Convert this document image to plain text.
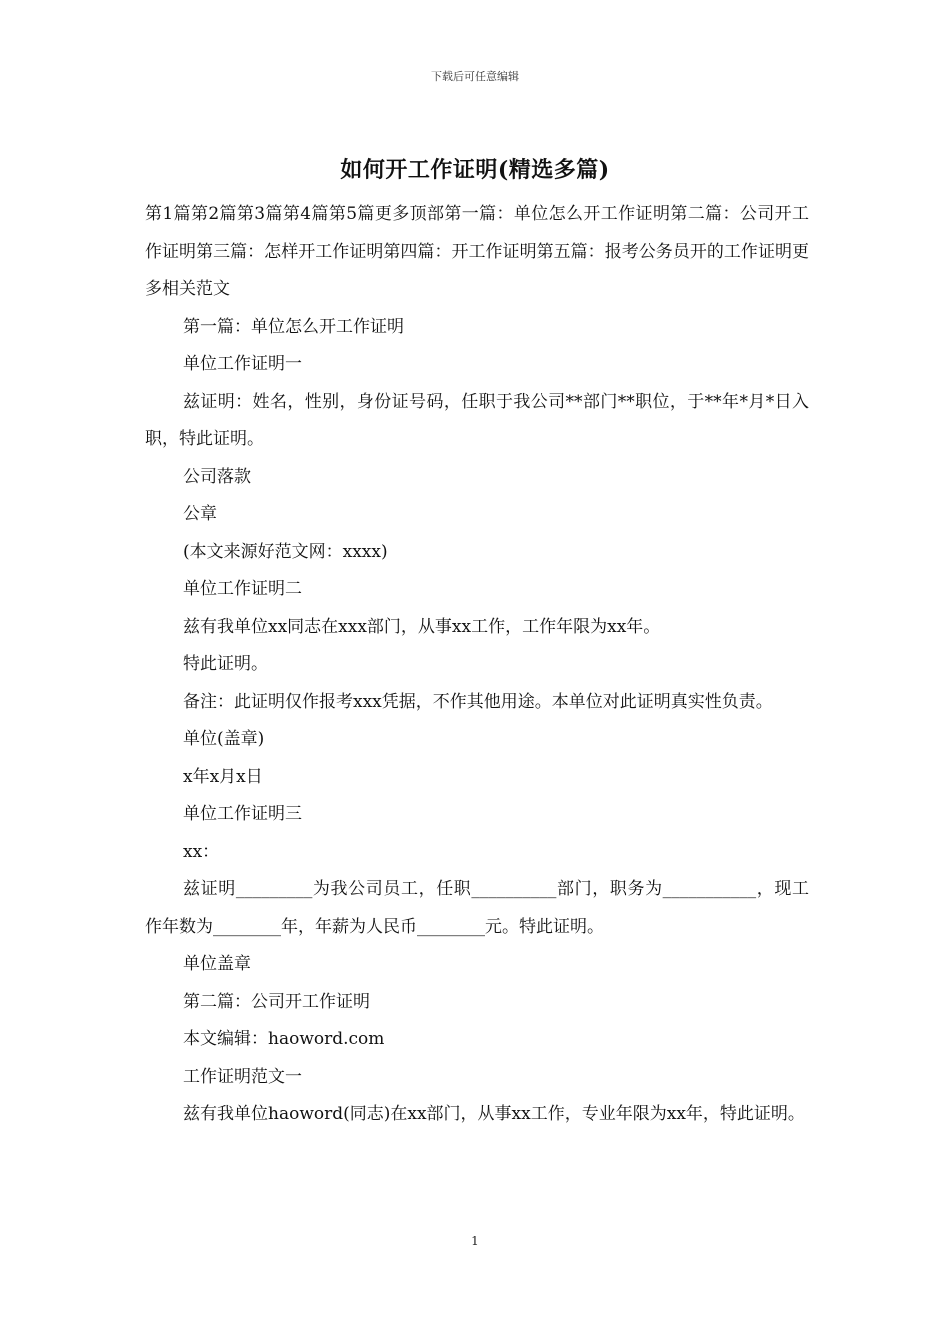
下载后可任意编辑
如何开工作证明(精选多篇)

第1篇第2篇第3篇第4篇第5篇更多顶部第一篇：单位怎么开工作证明第二篇：公司开工作证明第三篇：怎样开工作证明第四篇：开工作证明第五篇：报考公务员开的工作证明更多相关范文

第一篇：单位怎么开工作证明

单位工作证明一

兹证明：姓名，性别，身份证号码，任职于我公司**部门**职位，于**年*月*日入职，特此证明。

公司落款

公章

(本文来源好范文网：xxxx)

单位工作证明二

兹有我单位xx同志在xxx部门，从事xx工作，工作年限为xx年。

特此证明。

备注：此证明仅作报考xxx凭据，不作其他用途。本单位对此证明真实性负责。

单位(盖章)

x年x月x日

单位工作证明三

xx：

兹证明_________为我公司员工，任职__________部门，职务为___________，现工作年数为________年，年薪为人民币________元。特此证明。

单位盖章

第二篇：公司开工作证明

本文编辑：haoword.com

工作证明范文一

兹有我单位haoword(同志)在xx部门，从事xx工作，专业年限为xx年，特此证明。

1
